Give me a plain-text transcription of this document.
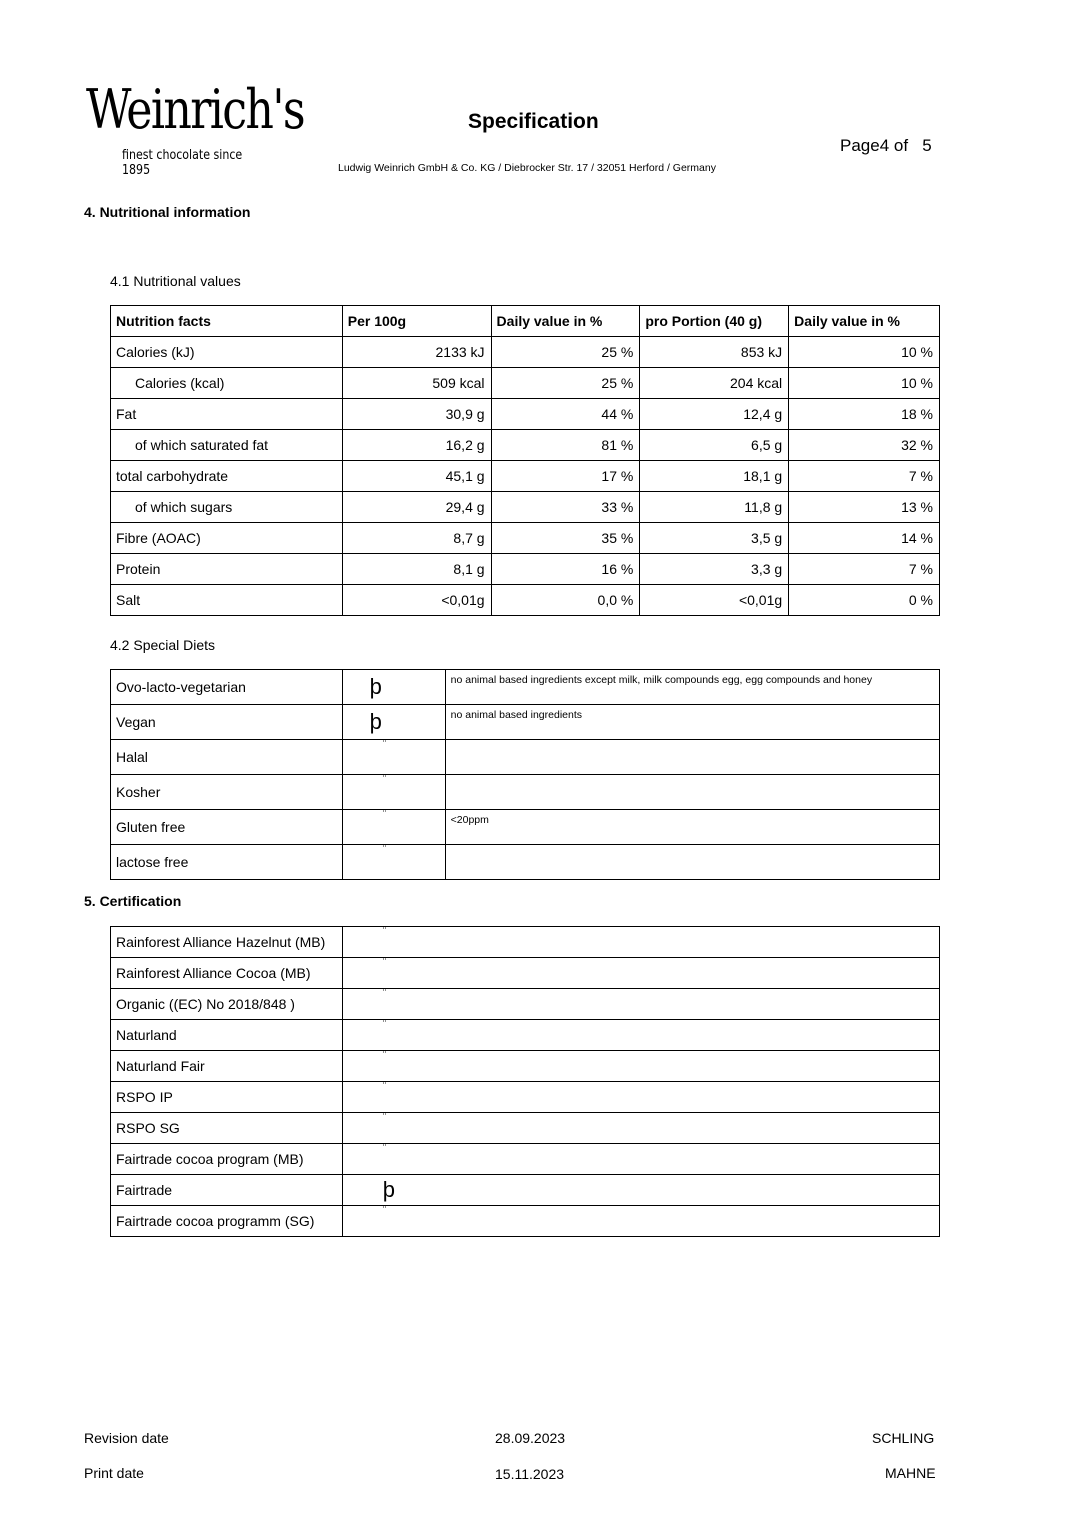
Weinrich's
finest chocolate since 1895
Specification
Page4 of 5
Ludwig Weinrich GmbH & Co. KG / Diebrocker Str. 17 / 32051 Herford / Germany
4. Nutritional information
4.1 Nutritional values
Nutrition facts	Per 100g	Daily value in %	pro Portion (40 g)	Daily value in %
Calories (kJ)	2133 kJ	25 %	853 kJ	10 %
Calories (kcal)	509 kcal	25 %	204 kcal	10 %
Fat	30,9 g	44 %	12,4 g	18 %
of which saturated fat	16,2 g	81 %	6,5 g	32 %
total carbohydrate	45,1 g	17 %	18,1 g	7 %
of which sugars	29,4 g	33 %	11,8 g	13 %
Fibre (AOAC)	8,7 g	35 %	3,5 g	14 %
Protein	8,1 g	16 %	3,3 g	7 %
Salt	<0,01g	0,0 %	<0,01g	0 %
4.2 Special Diets
Ovo-lacto-vegetarian	þ	no animal based ingredients except milk, milk compounds egg, egg compounds and honey
Vegan	þ	no animal based ingredients
Halal	¨	
Kosher	¨	
Gluten free	¨	<20ppm
lactose free	¨	
5. Certification
Rainforest Alliance Hazelnut (MB)	¨
Rainforest Alliance Cocoa (MB)	¨
Organic ((EC) No 2018/848 )	¨
Naturland	¨
Naturland Fair	¨
RSPO IP	¨
RSPO SG	¨
Fairtrade cocoa program (MB)	¨
Fairtrade	þ
Fairtrade cocoa programm (SG)	¨
Revision date	28.09.2023	SCHLING
Print date	15.11.2023	MAHNE
